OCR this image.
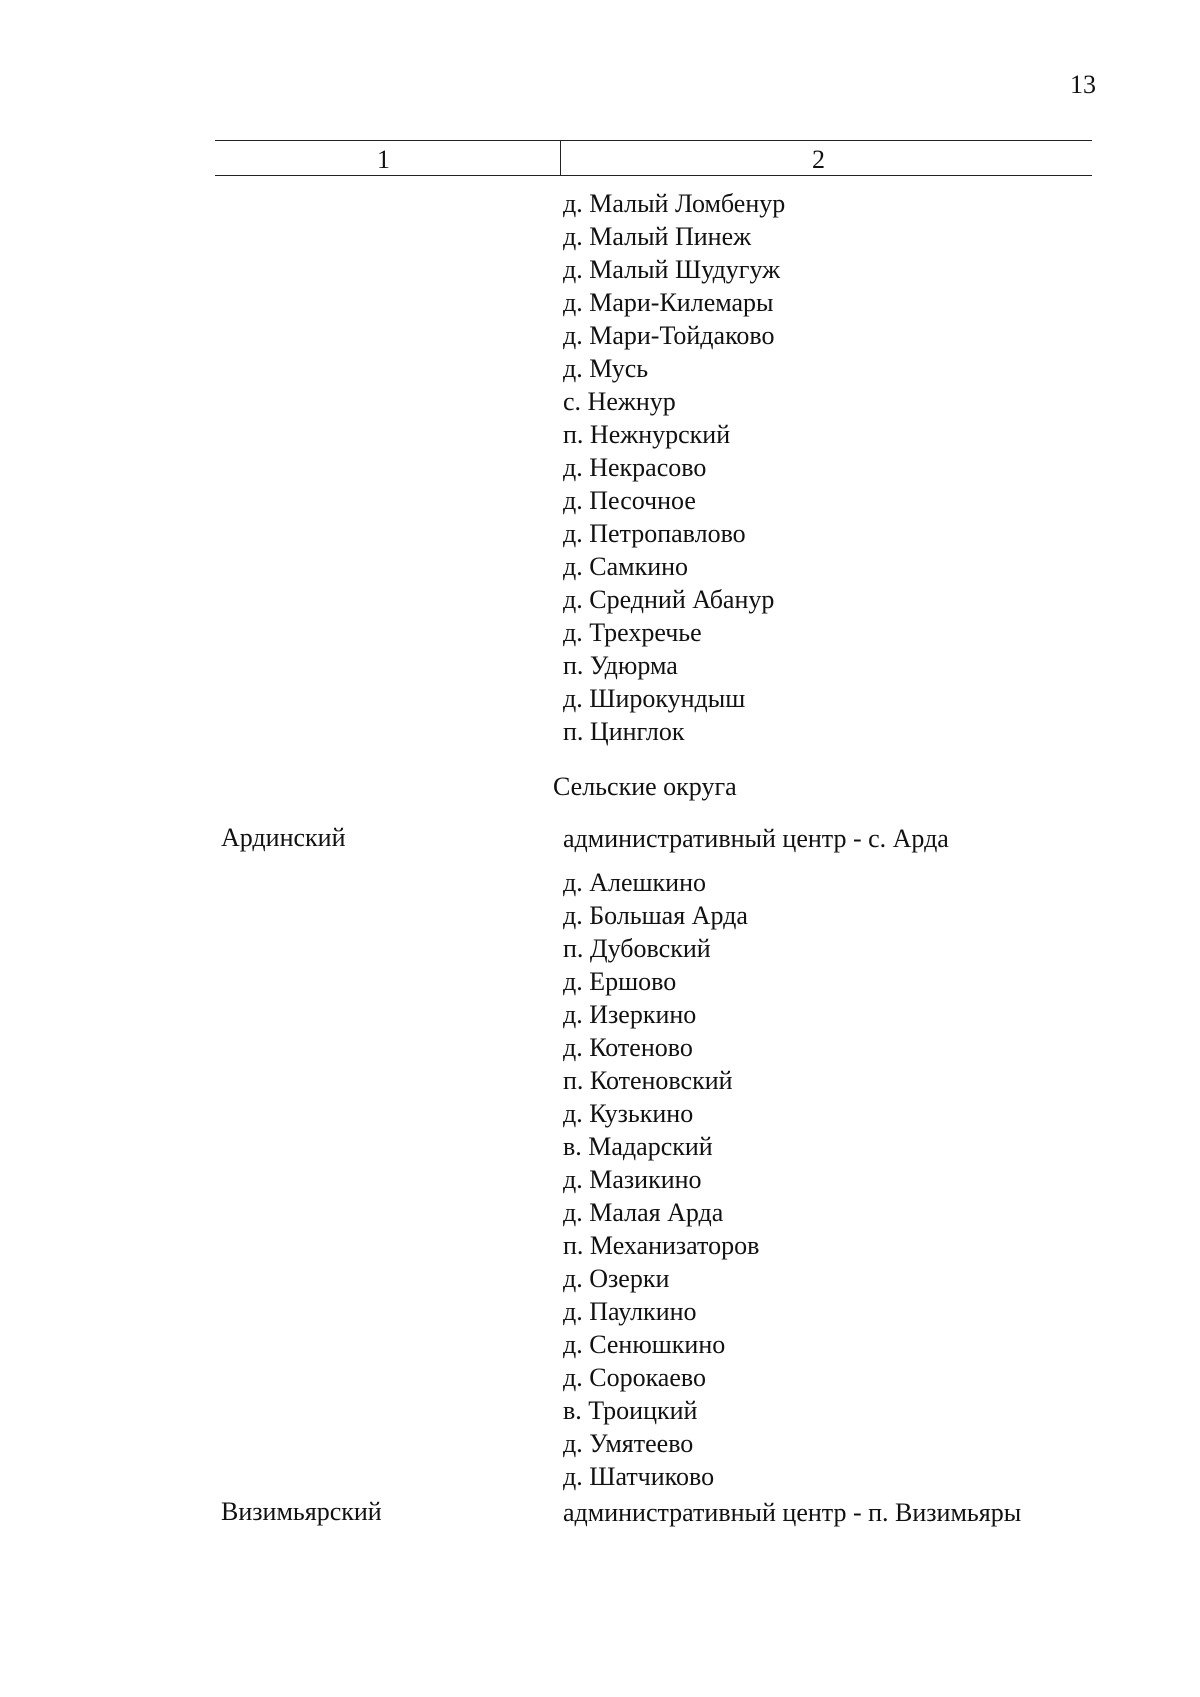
13
1	2
д. Малый Ломбенур
д. Малый Пинеж
д. Малый Шудугуж
д. Мари-Килемары
д. Мари-Тойдаково
д. Мусь
с. Нежнур
п. Нежнурский
д. Некрасово
д. Песочное
д. Петропавлово
д. Самкино
д. Средний Абанур
д. Трехречье
п. Удюрма
д. Широкундыш
п. Цинглок
Сельские округа
Ардинский	административный центр - с. Арда
д. Алешкино
д. Большая Арда
п. Дубовский
д. Ершово
д. Изеркино
д. Котеново
п. Котеновский
д. Кузькино
в. Мадарский
д. Мазикино
д. Малая Арда
п. Механизаторов
д. Озерки
д. Паулкино
д. Сенюшкино
д. Сорокаево
в. Троицкий
д. Умятеево
д. Шатчиково
Визимьярский	административный центр - п. Визимьяры
